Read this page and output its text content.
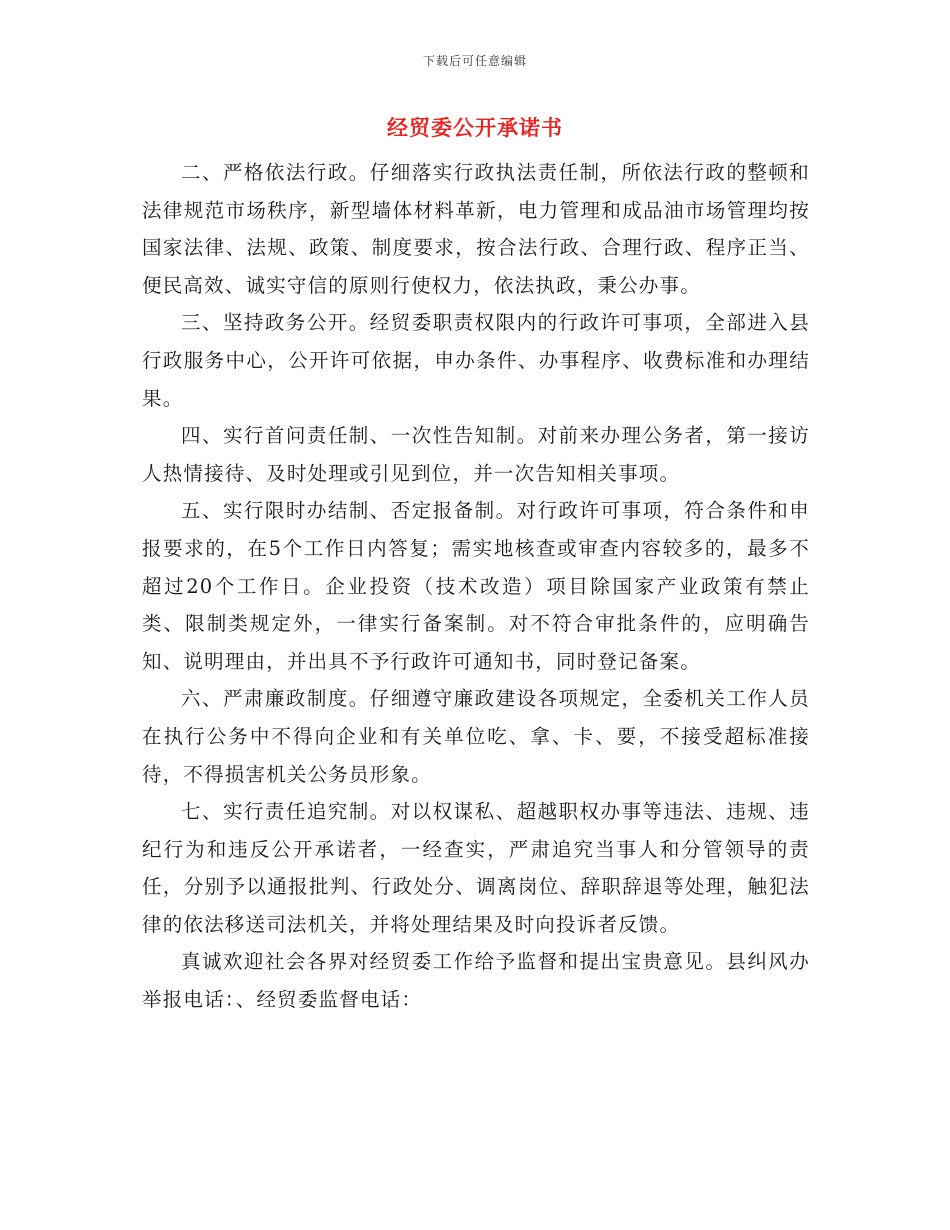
下载后可任意编辑
经贸委公开承诺书

二、严格依法行政。仔细落实行政执法责任制，所依法行政的整顿和法律规范市场秩序，新型墙体材料革新，电力管理和成品油市场管理均按国家法律、法规、政策、制度要求，按合法行政、合理行政、程序正当、便民高效、诚实守信的原则行使权力，依法执政，秉公办事。

三、坚持政务公开。经贸委职责权限内的行政许可事项，全部进入县行政服务中心，公开许可依据，申办条件、办事程序、收费标准和办理结果。

四、实行首问责任制、一次性告知制。对前来办理公务者，第一接访人热情接待、及时处理或引见到位，并一次告知相关事项。

五、实行限时办结制、否定报备制。对行政许可事项，符合条件和申报要求的，在5个工作日内答复；需实地核查或审查内容较多的，最多不超过20个工作日。企业投资（技术改造）项目除国家产业政策有禁止类、限制类规定外，一律实行备案制。对不符合审批条件的，应明确告知、说明理由，并出具不予行政许可通知书，同时登记备案。

六、严肃廉政制度。仔细遵守廉政建设各项规定，全委机关工作人员在执行公务中不得向企业和有关单位吃、拿、卡、要，不接受超标准接待，不得损害机关公务员形象。

七、实行责任追究制。对以权谋私、超越职权办事等违法、违规、违纪行为和违反公开承诺者，一经查实，严肃追究当事人和分管领导的责任，分别予以通报批判、行政处分、调离岗位、辞职辞退等处理，触犯法律的依法移送司法机关，并将处理结果及时向投诉者反馈。

真诚欢迎社会各界对经贸委工作给予监督和提出宝贵意见。县纠风办举报电话：、经贸委监督电话：
